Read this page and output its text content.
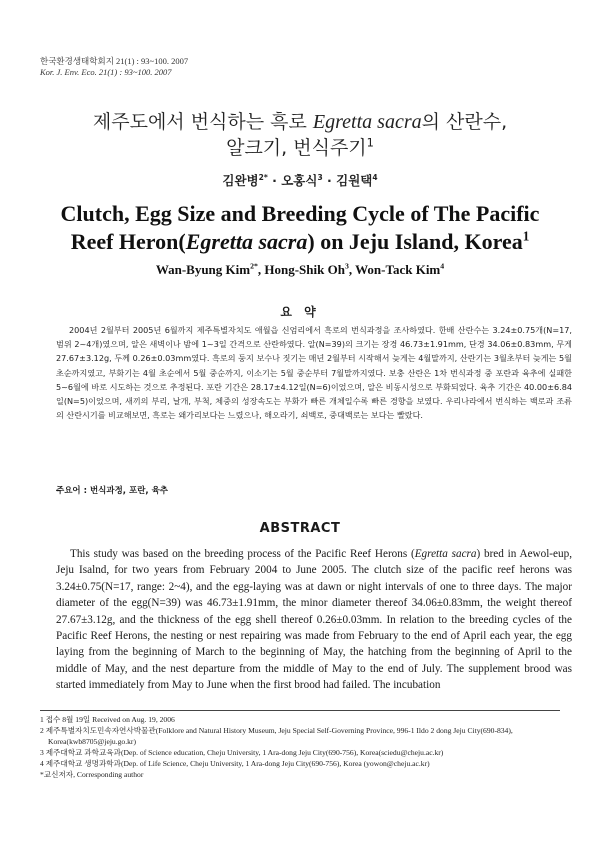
한국환경생태학회지 21(1) : 93~100. 2007
Kor. J. Env. Eco. 21(1) : 93~100. 2007
제주도에서 번식하는 흑로 Egretta sacra의 산란수,
알크기, 번식주기$^1$
김완병$^{2*}$ · 오홍식$^3$ · 김원택$^4$
Clutch, Egg Size and Breeding Cycle of The Pacific
Reef Heron(Egretta sacra) on Jeju Island, Korea$^1$
Wan-Byung Kim$^{2*}$, Hong-Shik Oh$^3$, Won-Tack Kim$^4$
요 약

2004년 2월부터 2005년 6월까지 제주특별자치도 애월읍 신엄리에서 흑로의 번식과정을 조사하였다. 한배 산란수는 3.24±0.75개(N=17, 범위 2~4개)였으며, 알은 새벽이나 밤에 1~3일 간격으로 산란하였다. 알(N=39)의 크기는 장경 46.73±1.91mm, 단경 34.06±0.83mm, 무게 27.67±3.12g, 두께 0.26±0.03mm였다. 흑로의 둥지 보수나 짓기는 매년 2월부터 시작해서 늦게는 4월말까지, 산란기는 3월초부터 늦게는 5월 초순까지였고, 부화기는 4월 초순에서 5월 중순까지, 이소기는 5월 중순부터 7월말까지였다. 보충 산란은 1차 번식과정 중 포란과 육추에 실패한 5~6월에 바로 시도하는 것으로 추정된다. 포란 기간은 28.17±4.12일(N=6)이었으며, 알은 비동시성으로 부화되었다. 육추 기간은 40.00±6.84일(N=5)이었으며, 새끼의 부리, 날개, 부척, 체중의 성장속도는 부화가 빠른 개체일수록 빠른 경향을 보였다. 우리나라에서 번식하는 백로과 조류의 산란시기를 비교해보면, 흑로는 왜가리보다는 느렸으나, 해오라기, 쇠백로, 중대백로는 보다는 빨랐다.

주요어 : 번식과정, 포란, 육추
ABSTRACT

This study was based on the breeding process of the Pacific Reef Herons (Egretta sacra) bred in Aewol-eup, Jeju Isalnd, for two years from February 2004 to June 2005. The clutch size of the pacific reef herons was 3.24±0.75(N=17, range: 2~4), and the egg-laying was at dawn or night intervals of one to three days. The major diameter of the egg(N=39) was 46.73±1.91mm, the minor diameter thereof 34.06±0.83mm, the weight thereof 27.67±3.12g, and the thickness of the egg shell thereof 0.26±0.03mm. In relation to the breeding cycles of the Pacific Reef Herons, the nesting or nest repairing was made from February to the end of April each year, the egg laying from the beginning of March to the beginning of May, the hatching from the beginning of April to the middle of May, and the nest departure from the middle of May to the end of July. The supplement brood was started immediately from May to June when the first brood had failed. The incubation

1 접수 8월 19일 Received on Aug. 19, 2006
2 제주특별자치도민속자연사박물관(Folklore and Natural History Museum, Jeju Special Self-Governing Province, 996-1 Ildo 2 dong Jeju City(690-834), Korea(kwb8705@jeju.go.kr)
3 제주대학교 과학교육과(Dep. of Science education, Cheju University, 1 Ara-dong Jeju City(690-756), Korea(sciedu@cheju.ac.kr)
4 제주대학교 생명과학과(Dep. of Life Science, Cheju University, 1 Ara-dong Jeju City(690-756), Korea (yowon@cheju.ac.kr)
*교신저자, Corresponding author
